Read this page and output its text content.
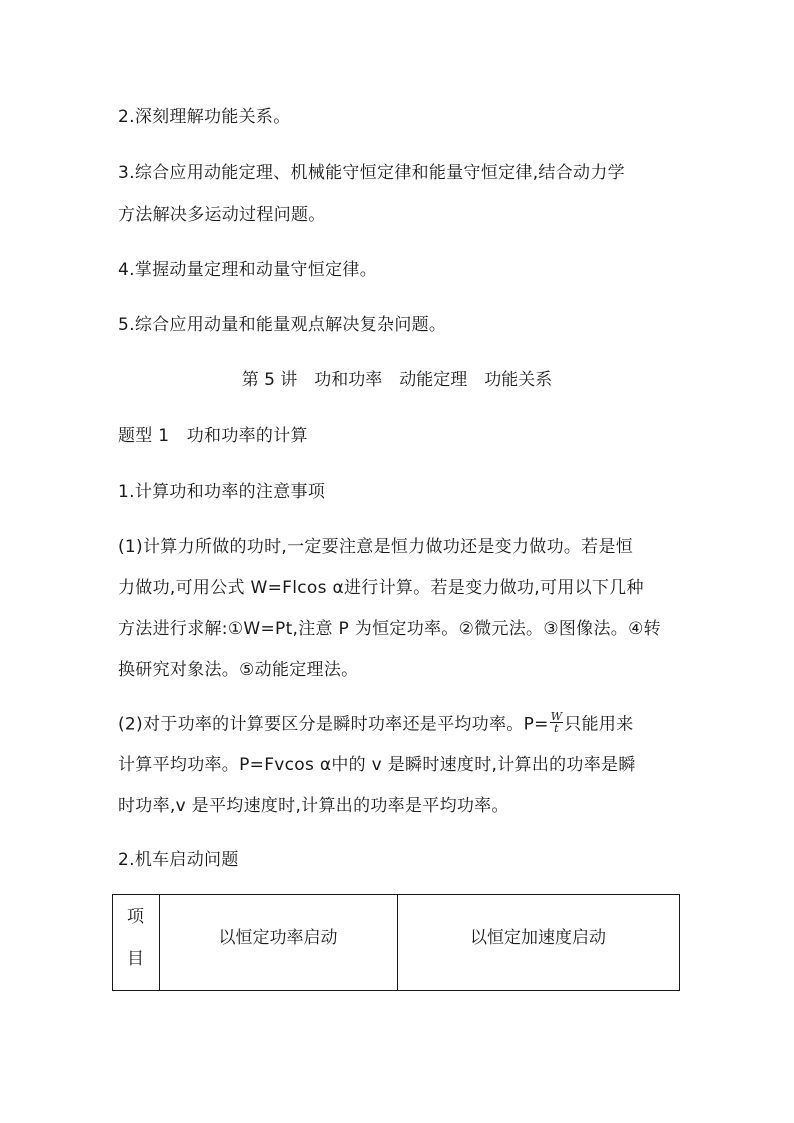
2.深刻理解功能关系。
3.综合应用动能定理、机械能守恒定律和能量守恒定律,结合动力学
方法解决多运动过程问题。
4.掌握动量定理和动量守恒定律。
5.综合应用动量和能量观点解决复杂问题。
第 5 讲　功和功率　动能定理　功能关系
题型 1　功和功率的计算
1.计算功和功率的注意事项
(1)计算力所做的功时,一定要注意是恒力做功还是变力做功。若是恒
力做功,可用公式 W=Flcos α进行计算。若是变力做功,可用以下几种
方法进行求解:①W=Pt,注意 P 为恒定功率。②微元法。③图像法。④转
换研究对象法。⑤动能定理法。
(2)对于功率的计算要区分是瞬时功率还是平均功率。$P= \frac{W}{t}$ 只能用来
计算平均功率。P=Fvcos α中的 v 是瞬时速度时,计算出的功率是瞬
时功率,v 是平均速度时,计算出的功率是平均功率。
2.机车启动问题
项
目
以恒定功率启动	以恒定加速度启动
